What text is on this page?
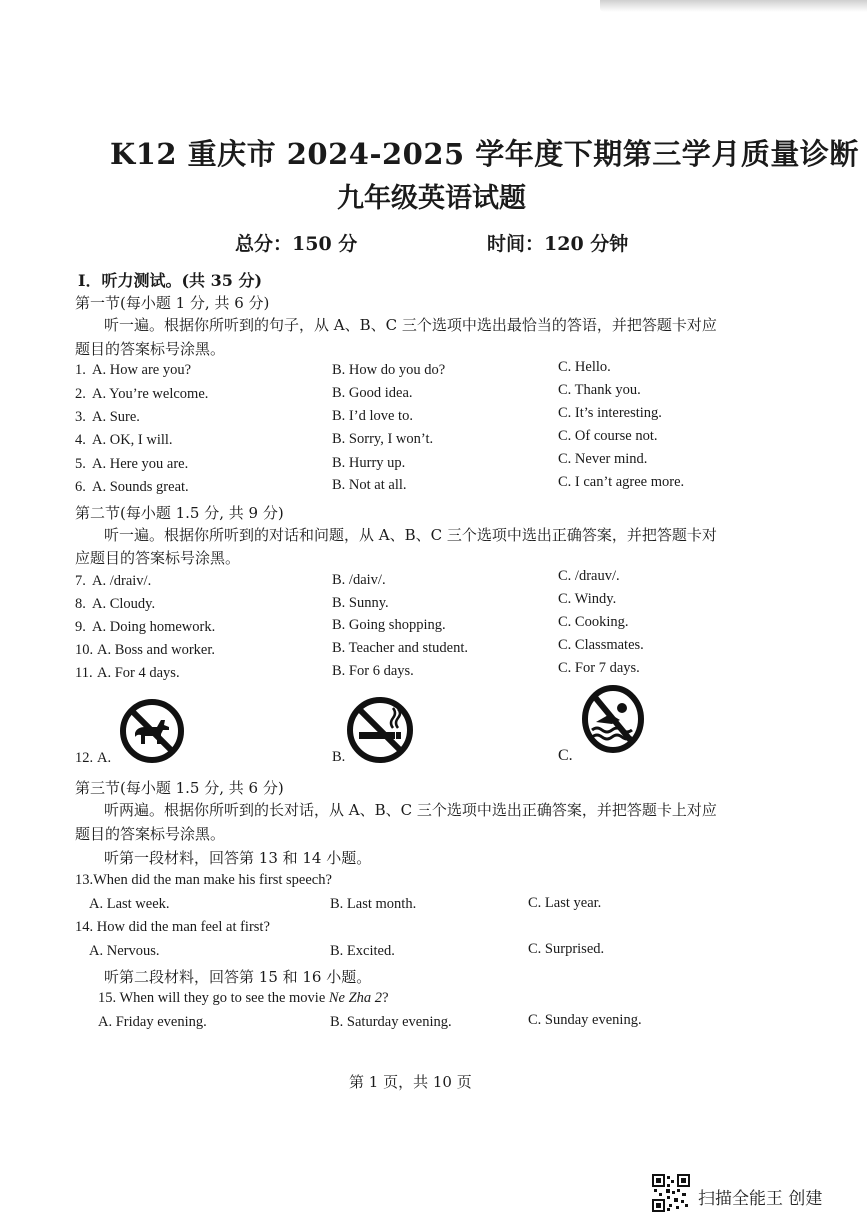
K12 重庆市 2024-2025 学年度下期第三学月质量诊断
九年级英语试题
总分：150 分	时间：120 分钟
Ⅰ．听力测试。(共 35 分)
第一节(每小题 1 分, 共 6 分)
听一遍。根据你所听到的句子，从 A、B、C 三个选项中选出最恰当的答语，并把答题卡对应
题目的答案标号涂黑。
1. A. How are you?	B. How do you do?	C. Hello.
2. A. You’re welcome.	B. Good idea.	C. Thank you.
3. A. Sure.	B. I’d love to.	C. It’s interesting.
4. A. OK, I will.	B. Sorry, I won’t.	C. Of course not.
5. A. Here you are.	B. Hurry up.	C. Never mind.
6. A. Sounds great.	B. Not at all.	C. I can’t agree more.
第二节(每小题 1.5 分, 共 9 分)
听一遍。根据你所听到的对话和问题，从 A、B、C 三个选项中选出正确答案，并把答题卡对
应题目的答案标号涂黑。
7. A. /draiv/.	B. /daiv/.	C. /drauv/.
8. A. Cloudy.	B. Sunny.	C. Windy.
9. A. Doing homework.	B. Going shopping.	C. Cooking.
10. A. Boss and worker.	B. Teacher and student.	C. Classmates.
11. A. For 4 days.	B. For 6 days.	C. For 7 days.
12. A.	B.	C.
第三节(每小题 1.5 分, 共 6 分)
听两遍。根据你所听到的长对话，从 A、B、C 三个选项中选出正确答案，并把答题卡上对应
题目的答案标号涂黑。
听第一段材料，回答第 13 和 14 小题。
13.When did the man make his first speech?
A. Last week.	B. Last month.	C. Last year.
14. How did the man feel at first?
A. Nervous.	B. Excited.	C. Surprised.
听第二段材料，回答第 15 和 16 小题。
15. When will they go to see the movie Ne Zha 2?
A. Friday evening.	B. Saturday evening.	C. Sunday evening.
第 1 页，共 10 页
扫描全能王 创建
